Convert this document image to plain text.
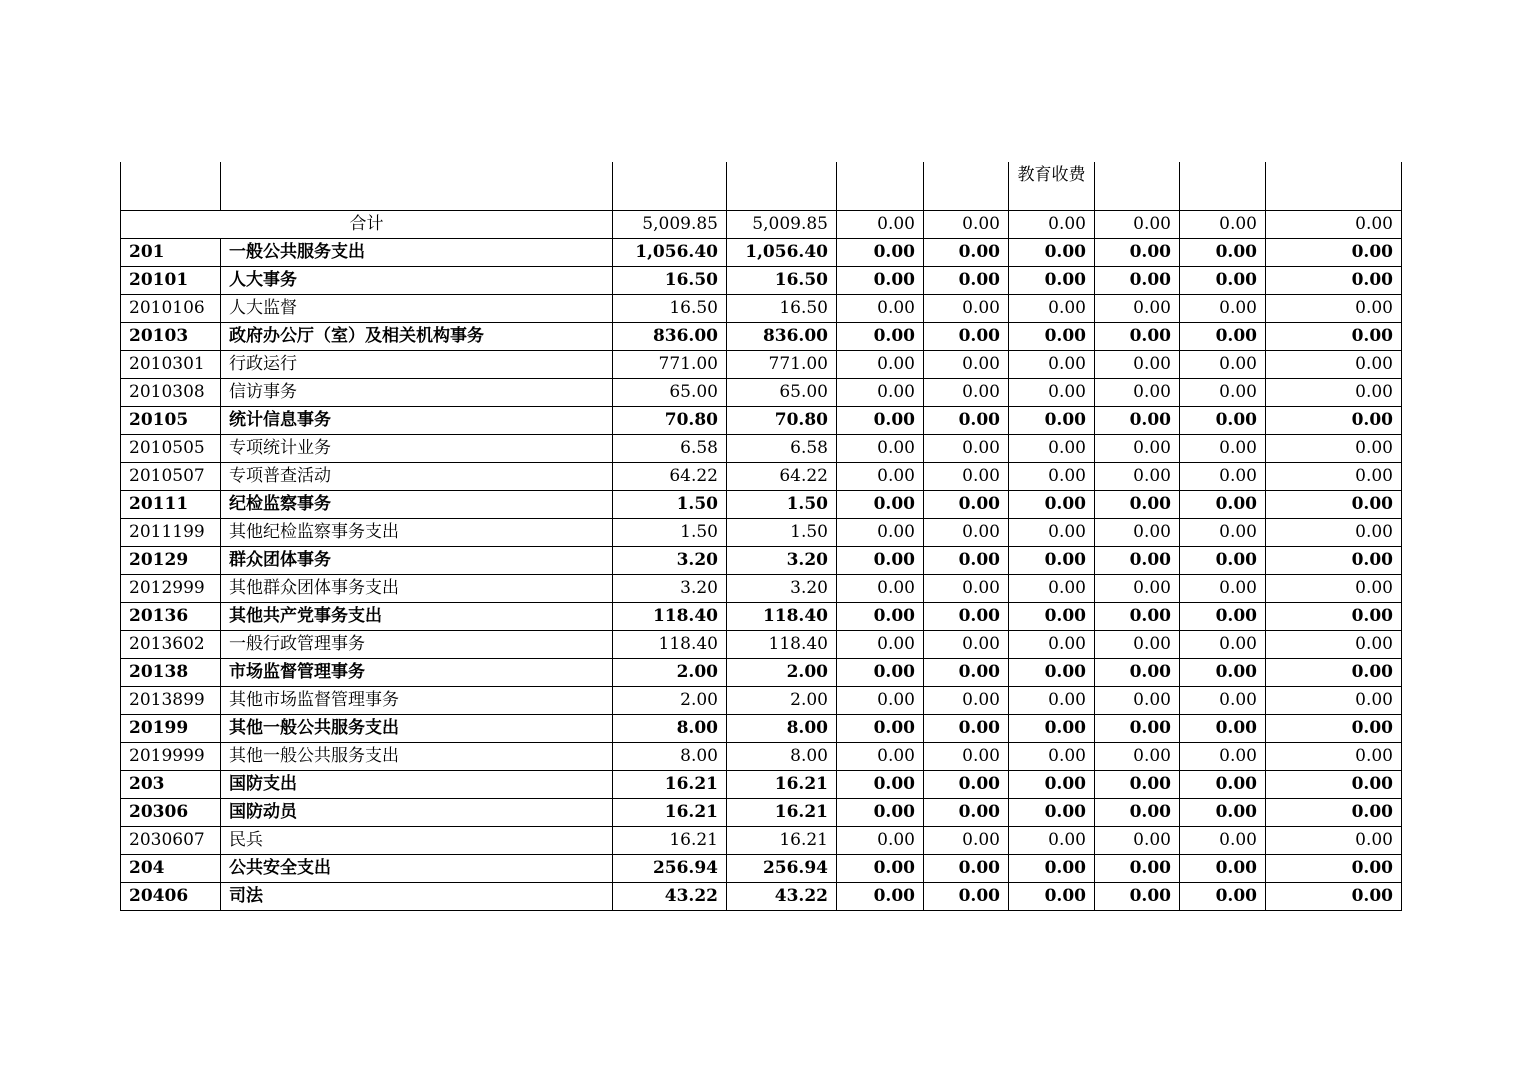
						教育收费			

合计		5,009.85	5,009.85	0.00	0.00	0.00	0.00	0.00	0.00
201	一般公共服务支出	1,056.40	1,056.40	0.00	0.00	0.00	0.00	0.00	0.00
20101	人大事务	16.50	16.50	0.00	0.00	0.00	0.00	0.00	0.00
2010106	人大监督	16.50	16.50	0.00	0.00	0.00	0.00	0.00	0.00
20103	政府办公厅（室）及相关机构事务	836.00	836.00	0.00	0.00	0.00	0.00	0.00	0.00
2010301	行政运行	771.00	771.00	0.00	0.00	0.00	0.00	0.00	0.00
2010308	信访事务	65.00	65.00	0.00	0.00	0.00	0.00	0.00	0.00
20105	统计信息事务	70.80	70.80	0.00	0.00	0.00	0.00	0.00	0.00
2010505	专项统计业务	6.58	6.58	0.00	0.00	0.00	0.00	0.00	0.00
2010507	专项普查活动	64.22	64.22	0.00	0.00	0.00	0.00	0.00	0.00
20111	纪检监察事务	1.50	1.50	0.00	0.00	0.00	0.00	0.00	0.00
2011199	其他纪检监察事务支出	1.50	1.50	0.00	0.00	0.00	0.00	0.00	0.00
20129	群众团体事务	3.20	3.20	0.00	0.00	0.00	0.00	0.00	0.00
2012999	其他群众团体事务支出	3.20	3.20	0.00	0.00	0.00	0.00	0.00	0.00
20136	其他共产党事务支出	118.40	118.40	0.00	0.00	0.00	0.00	0.00	0.00
2013602	一般行政管理事务	118.40	118.40	0.00	0.00	0.00	0.00	0.00	0.00
20138	市场监督管理事务	2.00	2.00	0.00	0.00	0.00	0.00	0.00	0.00
2013899	其他市场监督管理事务	2.00	2.00	0.00	0.00	0.00	0.00	0.00	0.00
20199	其他一般公共服务支出	8.00	8.00	0.00	0.00	0.00	0.00	0.00	0.00
2019999	其他一般公共服务支出	8.00	8.00	0.00	0.00	0.00	0.00	0.00	0.00
203	国防支出	16.21	16.21	0.00	0.00	0.00	0.00	0.00	0.00
20306	国防动员	16.21	16.21	0.00	0.00	0.00	0.00	0.00	0.00
2030607	民兵	16.21	16.21	0.00	0.00	0.00	0.00	0.00	0.00
204	公共安全支出	256.94	256.94	0.00	0.00	0.00	0.00	0.00	0.00
20406	司法	43.22	43.22	0.00	0.00	0.00	0.00	0.00	0.00
